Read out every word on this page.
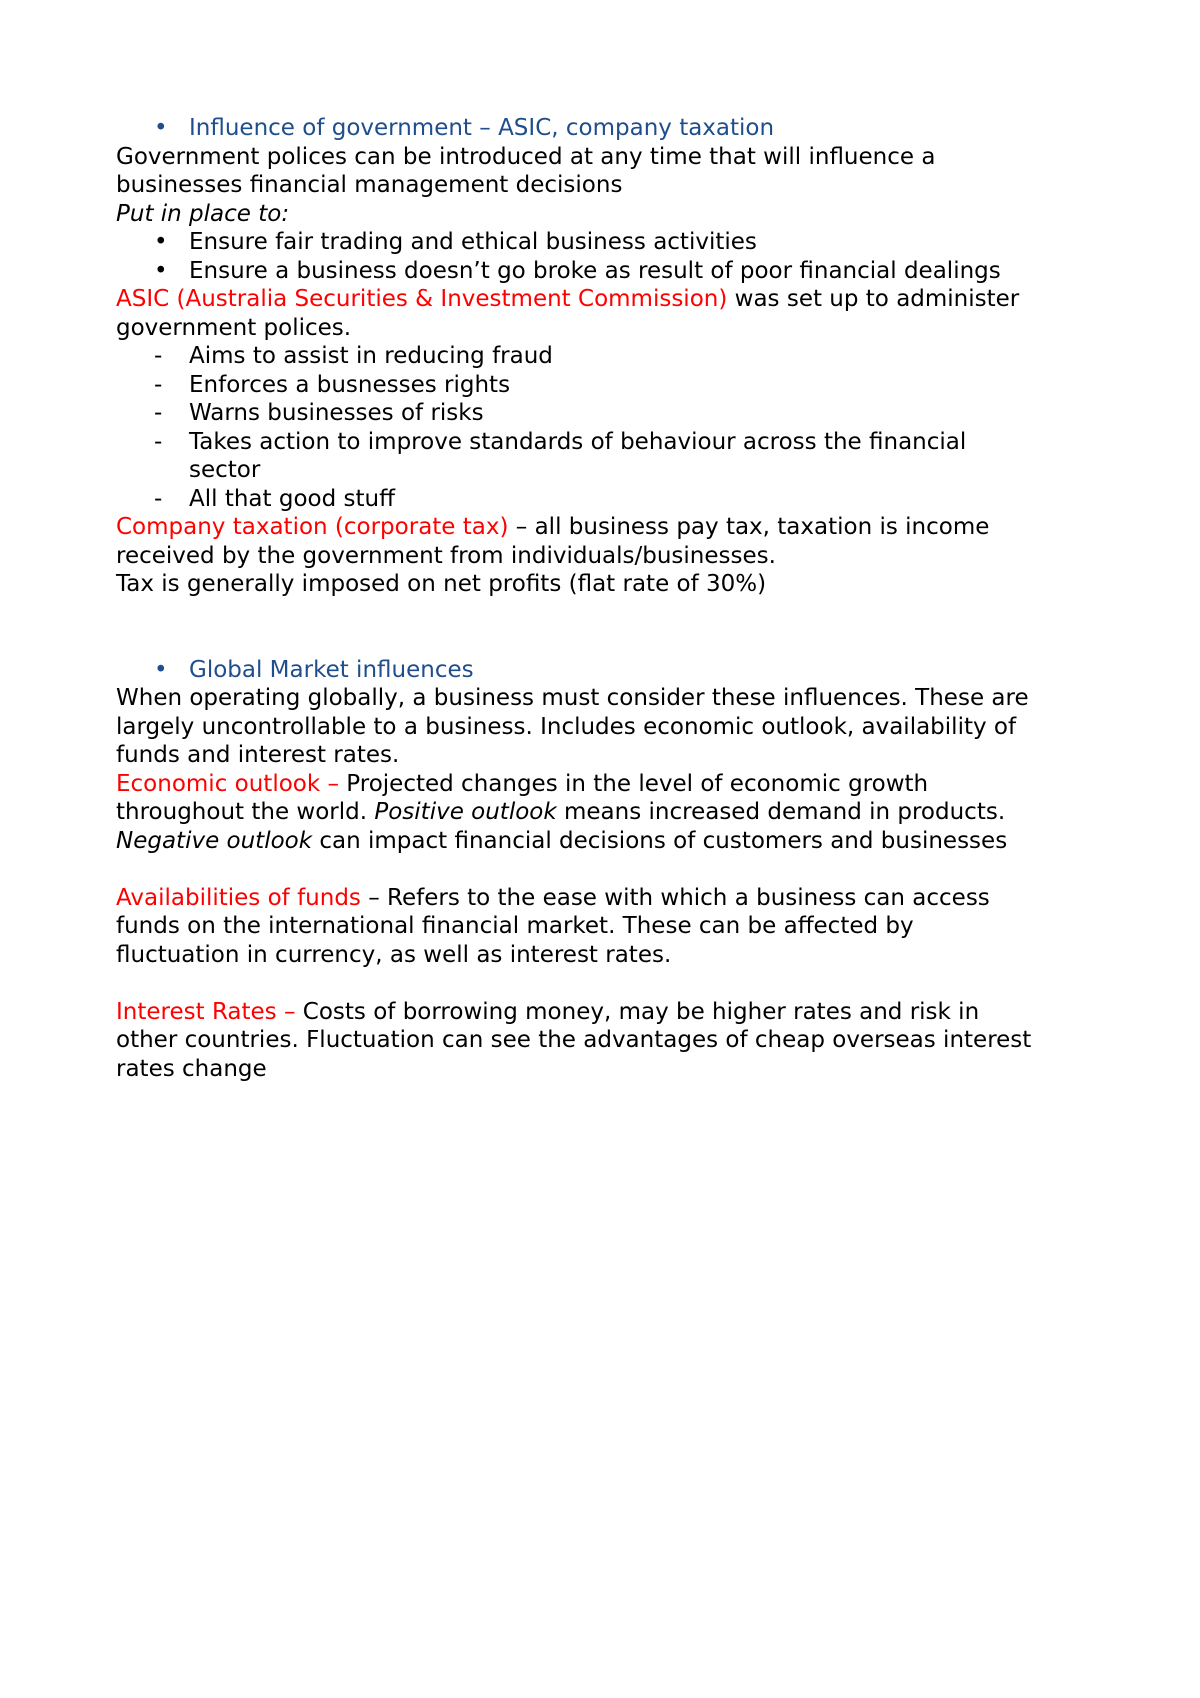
• Influence of government – ASIC, company taxation
Government polices can be introduced at any time that will influence a
businesses financial management decisions
Put in place to:
• Ensure fair trading and ethical business activities
• Ensure a business doesn’t go broke as result of poor financial dealings
ASIC (Australia Securities & Investment Commission) was set up to administer
government polices.
- Aims to assist in reducing fraud
- Enforces a busnesses rights
- Warns businesses of risks
- Takes action to improve standards of behaviour across the financial
sector
- All that good stuff
Company taxation (corporate tax) – all business pay tax, taxation is income
received by the government from individuals/businesses.
Tax is generally imposed on net profits (flat rate of 30%)
• Global Market influences
When operating globally, a business must consider these influences. These are
largely uncontrollable to a business. Includes economic outlook, availability of
funds and interest rates.
Economic outlook – Projected changes in the level of economic growth
throughout the world. Positive outlook means increased demand in products.
Negative outlook can impact financial decisions of customers and businesses
Availabilities of funds – Refers to the ease with which a business can access
funds on the international financial market. These can be affected by
fluctuation in currency, as well as interest rates.
Interest Rates – Costs of borrowing money, may be higher rates and risk in
other countries. Fluctuation can see the advantages of cheap overseas interest
rates change
